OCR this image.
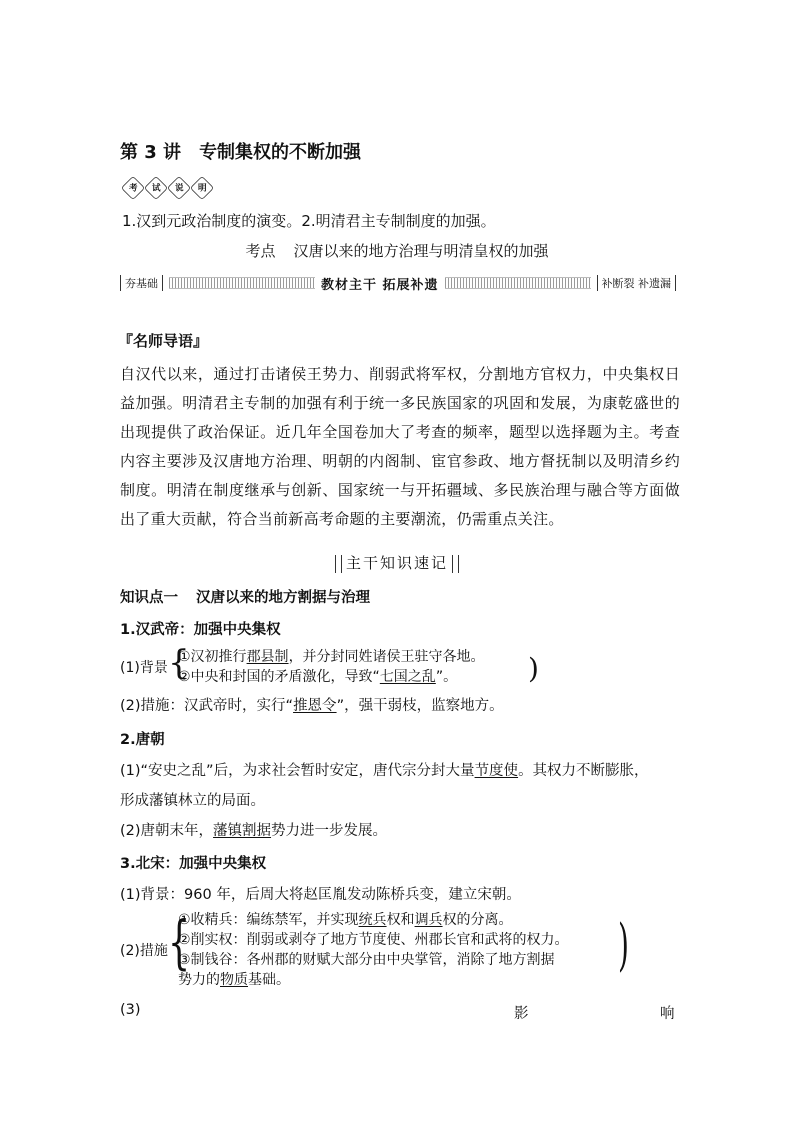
第 3 讲 专制集权的不断加强
考 试 说 明
1.汉到元政治制度的演变。2.明清君主专制制度的加强。
考点 汉唐以来的地方治理与明清皇权的加强
夯基础	教材主干 拓展补遗	补断裂 补遗漏
『名师导语』
自汉代以来，通过打击诸侯王势力、削弱武将军权，分割地方官权力，中央集权日益加强。明清君主专制的加强有利于统一多民族国家的巩固和发展，为康乾盛世的出现提供了政治保证。近几年全国卷加大了考查的频率，题型以选择题为主。考查内容主要涉及汉唐地方治理、明朝的内阁制、宦官参政、地方督抚制以及明清乡约制度。明清在制度继承与创新、国家统一与开拓疆域、多民族治理与融合等方面做出了重大贡献，符合当前新高考命题的主要潮流，仍需重点关注。
主干知识速记
知识点一 汉唐以来的地方割据与治理
1.汉武帝：加强中央集权
(1)背景 {
①汉初推行郡县制，并分封同姓诸侯王驻守各地。
②中央和封国的矛盾激化，导致“七国之乱”。	)
(2)措施：汉武帝时，实行“推恩令”，强干弱枝，监察地方。
2.唐朝
(1)“安史之乱”后，为求社会暂时安定，唐代宗分封大量节度使。其权力不断膨胀，
形成藩镇林立的局面。
(2)唐朝末年，藩镇割据势力进一步发展。
3.北宋：加强中央集权
(1)背景：960 年，后周大将赵匡胤发动陈桥兵变，建立宋朝。
(2)措施 {
①收精兵：编练禁军，并实现统兵权和调兵权的分离。
②削实权：削弱或剥夺了地方节度使、州郡长官和武将的权力。
③制钱谷：各州郡的财赋大部分由中央掌管，消除了地方割据
势力的物质基础。
)
(3)	影	响
